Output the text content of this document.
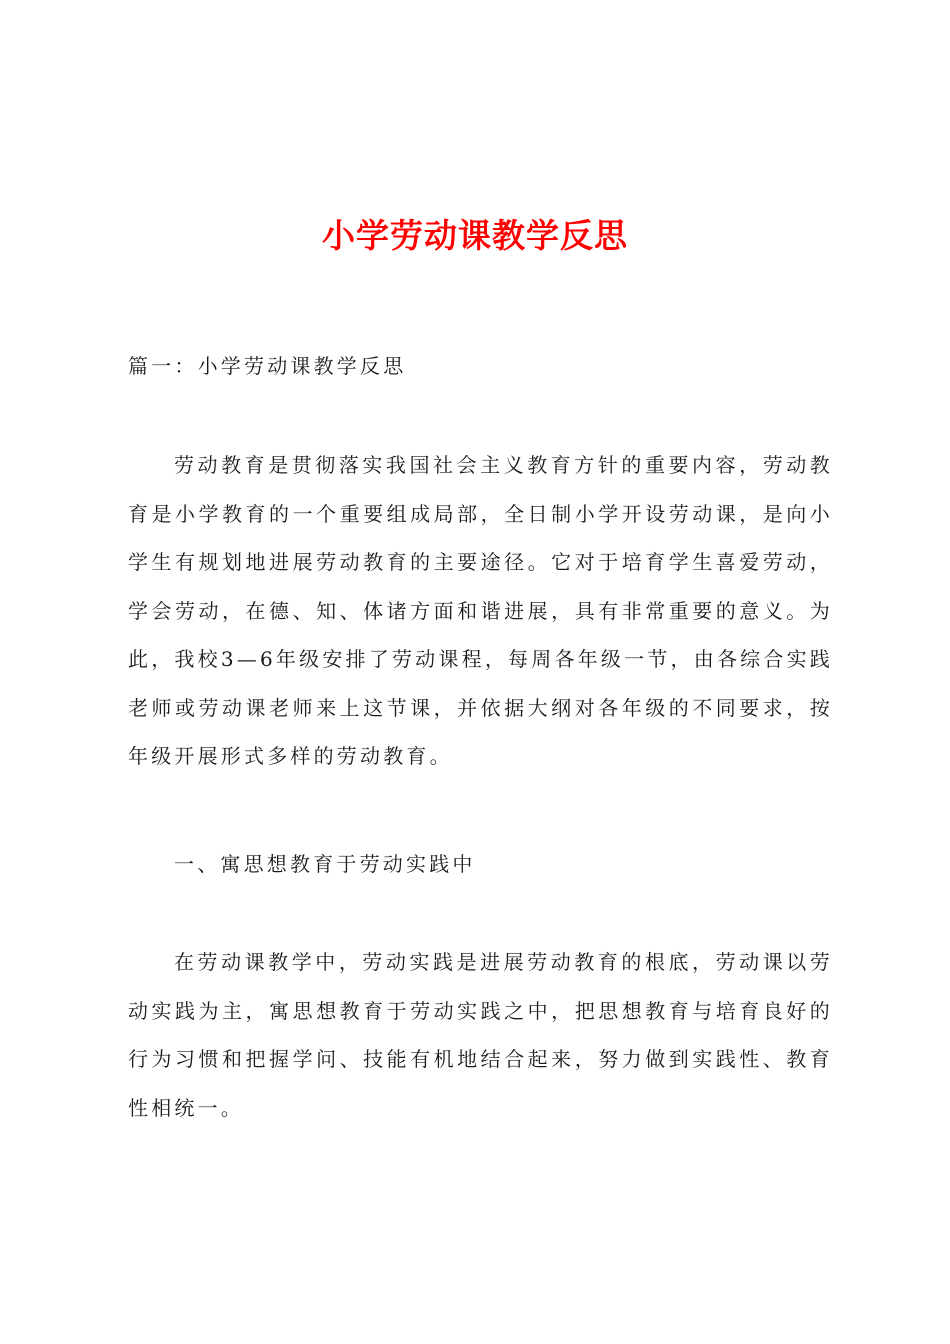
小学劳动课教学反思

篇一：小学劳动课教学反思

劳动教育是贯彻落实我国社会主义教育方针的重要内容，劳动教育是小学教育的一个重要组成局部，全日制小学开设劳动课，是向小学生有规划地进展劳动教育的主要途径。它对于培育学生喜爱劳动，学会劳动，在德、知、体诸方面和谐进展，具有非常重要的意义。为此，我校3—6年级安排了劳动课程，每周各年级一节，由各综合实践老师或劳动课老师来上这节课，并依据大纲对各年级的不同要求，按年级开展形式多样的劳动教育。

一、寓思想教育于劳动实践中

在劳动课教学中，劳动实践是进展劳动教育的根底，劳动课以劳动实践为主，寓思想教育于劳动实践之中，把思想教育与培育良好的行为习惯和把握学问、技能有机地结合起来，努力做到实践性、教育性相统一。
